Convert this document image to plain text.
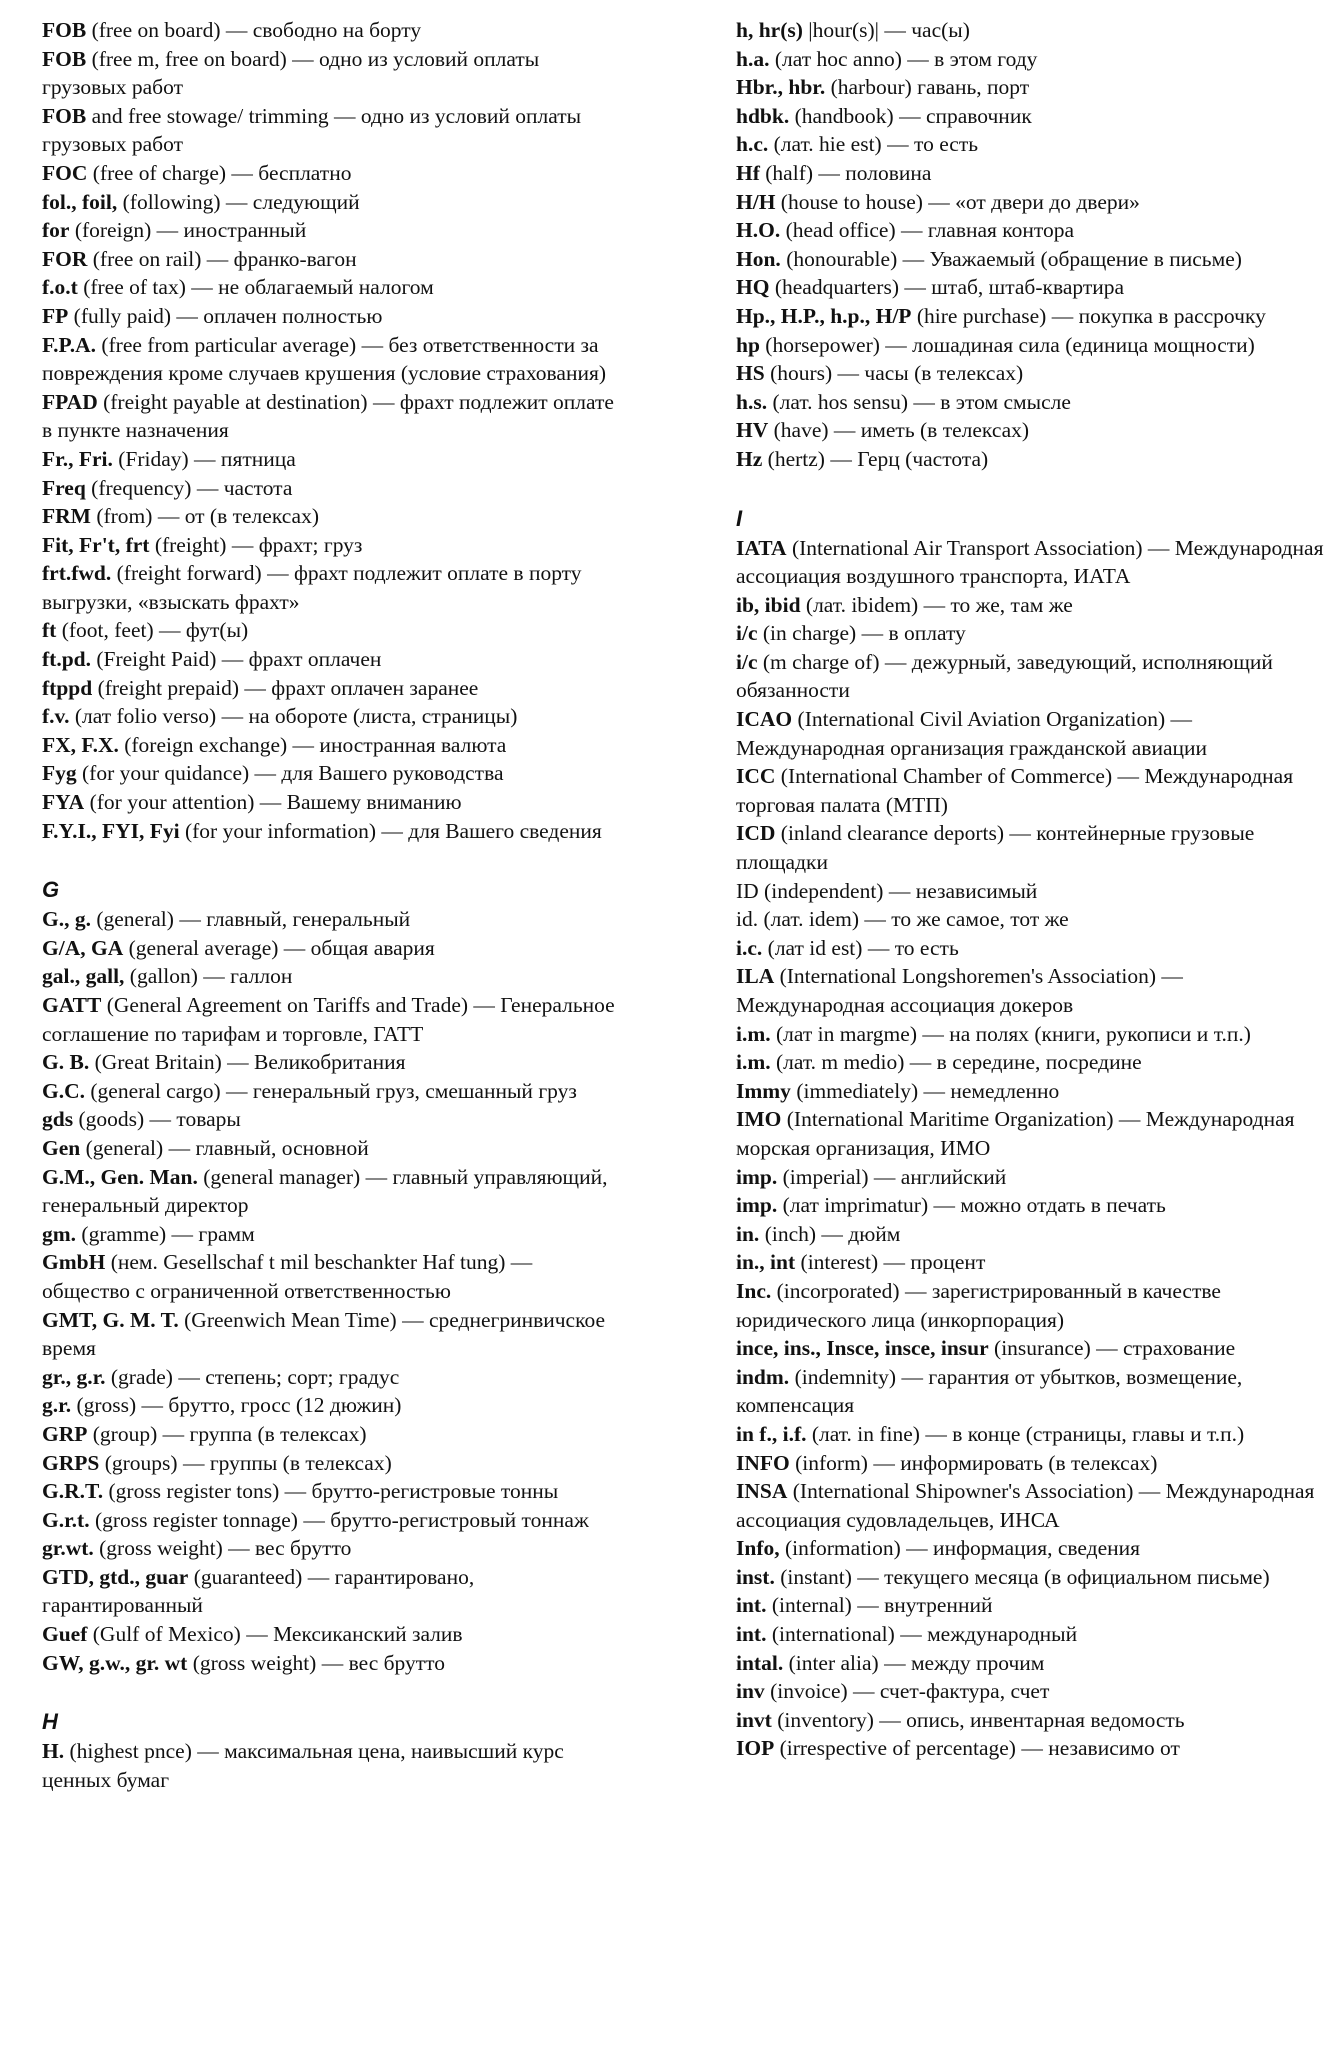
FOB (free on board) — свободно на борту

FOB (free m, free on board) — одно из условий оплаты грузовых работ

FOB and free stowage/ trimming — одно из условий оплаты грузовых работ

FOC (free of charge) — бесплатно

fol., foil, (following) — следующий

for (foreign) — иностранный

FOR (free on rail) — франко-вагон

f.o.t (free of tax) — не облагаемый налогом

FP (fully paid) — оплачен полностью

F.P.A. (free from particular average) — без ответственности за повреждения кроме случаев крушения (условие страхования)

FPAD (freight payable at destination) — фрахт подлежит оплате в пункте назначения

Fr., Fri. (Friday) — пятница

Freq (frequency) — частота

FRM (from) — от (в телексах)

Fit, Fr't, frt (freight) — фрахт; груз

frt.fwd. (freight forward) — фрахт подлежит оплате в порту выгрузки, «взыскать фрахт»

ft (foot, feet) — фут(ы)

ft.pd. (Freight Paid) — фрахт оплачен

ftppd (freight prepaid) — фрахт оплачен заранее

f.v. (лат folio verso) — на обороте (листа, страницы)

FX, F.X. (foreign exchange) — иностранная валюта

Fyg (for your quidance) — для Вашего руководства

FYA (for your attention) — Вашему вниманию

F.Y.I., FYI, Fyi (for your information) — для Вашего сведения

G

G., g. (general) — главный, генеральный

G/A, GA (general average) — общая авария

gal., gall, (gallon) — галлон

GATT (General Agreement on Tariffs and Trade) — Генеральное соглашение по тарифам и торговле, ГАТТ

G. B. (Great Britain) — Великобритания

G.C. (general cargo) — генеральный груз, смешанный груз

gds (goods) — товары

Gen (general) — главный, основной

G.M., Gen. Man. (general manager) — главный управляющий, генеральный директор

gm. (gramme) — грамм

GmbH (нем. Gesellschaf t mil beschankter Haf tung) — общество с ограниченной ответственностью

GMT, G. M. T. (Greenwich Mean Time) — среднегринвичское время

gr., g.r. (grade) — степень; сорт; градус

g.r. (gross) — брутто, гросс (12 дюжин)

GRP (group) — группа (в телексах)

GRPS (groups) — группы (в телексах)

G.R.T. (gross register tons) — брутто-регистровые тонны

G.r.t. (gross register tonnage) — брутто-регистровый тоннаж

gr.wt. (gross weight) — вес брутто

GTD, gtd., guar (guaranteed) — гарантировано, гарантированный

Guef (Gulf of Mexico) — Мексиканский залив

GW, g.w., gr. wt (gross weight) — вес брутто

H

H. (highest pnce) — максимальная цена, наивысший курс ценных бумаг

h, hr(s) |hour(s)| — час(ы)

h.a. (лат hoc anno) — в этом году

Hbr., hbr. (harbour) гавань, порт

hdbk. (handbook) — справочник

h.c. (лат. hie est) — то есть

Hf (half) — половина

H/H (house to house) — «от двери до двери»

H.O. (head office) — главная контора

Hon. (honourable) — Уважаемый (обращение в письме)

HQ (headquarters) — штаб, штаб-квартира

Hp., H.P., h.p., H/P (hire purchase) — покупка в рассрочку

hp (horsepower) — лошадиная сила (единица мощности)

HS (hours) — часы (в телексах)

h.s. (лат. hos sensu) — в этом смысле

HV (have) — иметь (в телексах)

Hz (hertz) — Герц (частота)

I

IATA (International Air Transport Association) — Международная ассоциация воздушного транспорта, ИАТА

ib, ibid (лат. ibidem) — то же, там же

i/c (in charge) — в оплату

i/c (m charge of) — дежурный, заведующий, исполняющий обязанности

ICAO (International Civil Aviation Organization) — Международная организация гражданской авиации

ICC (International Chamber of Commerce) — Международная торговая палата (МТП)

ICD (inland clearance deports) — контейнерные грузовые площадки

ID (independent) — независимый

id. (лат. idem) — то же самое, тот же

i.c. (лат id est) — то есть

ILA (International Longshoremen's Association) — Международная ассоциация докеров

i.m. (лат in margme) — на полях (книги, рукописи и т.п.)

i.m. (лат. m medio) — в середине, посредине

Immy (immediately) — немедленно

IMO (International Maritime Organization) — Международная морская организация, ИМО

imp. (imperial) — английский

imp. (лат imprimatur) — можно отдать в печать

in. (inch) — дюйм

in., int (interest) — процент

Inc. (incorporated) — зарегистрированный в качестве юридического лица (инкорпорация)

ince, ins., Insce, insce, insur (insurance) — страхование

indm. (indemnity) — гарантия от убытков, возмещение, компенсация

in f., i.f. (лат. in fine) — в конце (страницы, главы и т.п.)

INFO (inform) — информировать (в телексах)

INSA (International Shipowner's Association) — Международная ассоциация судовладельцев, ИНСА

Info, (information) — информация, сведения

inst. (instant) — текущего месяца (в официальном письме)

int. (internal) — внутренний

int. (international) — международный

intal. (inter alia) — между прочим

inv (invoice) — счет-фактура, счет

invt (inventory) — опись, инвентарная ведомость

IOP (irrespective of percentage) — независимо от
